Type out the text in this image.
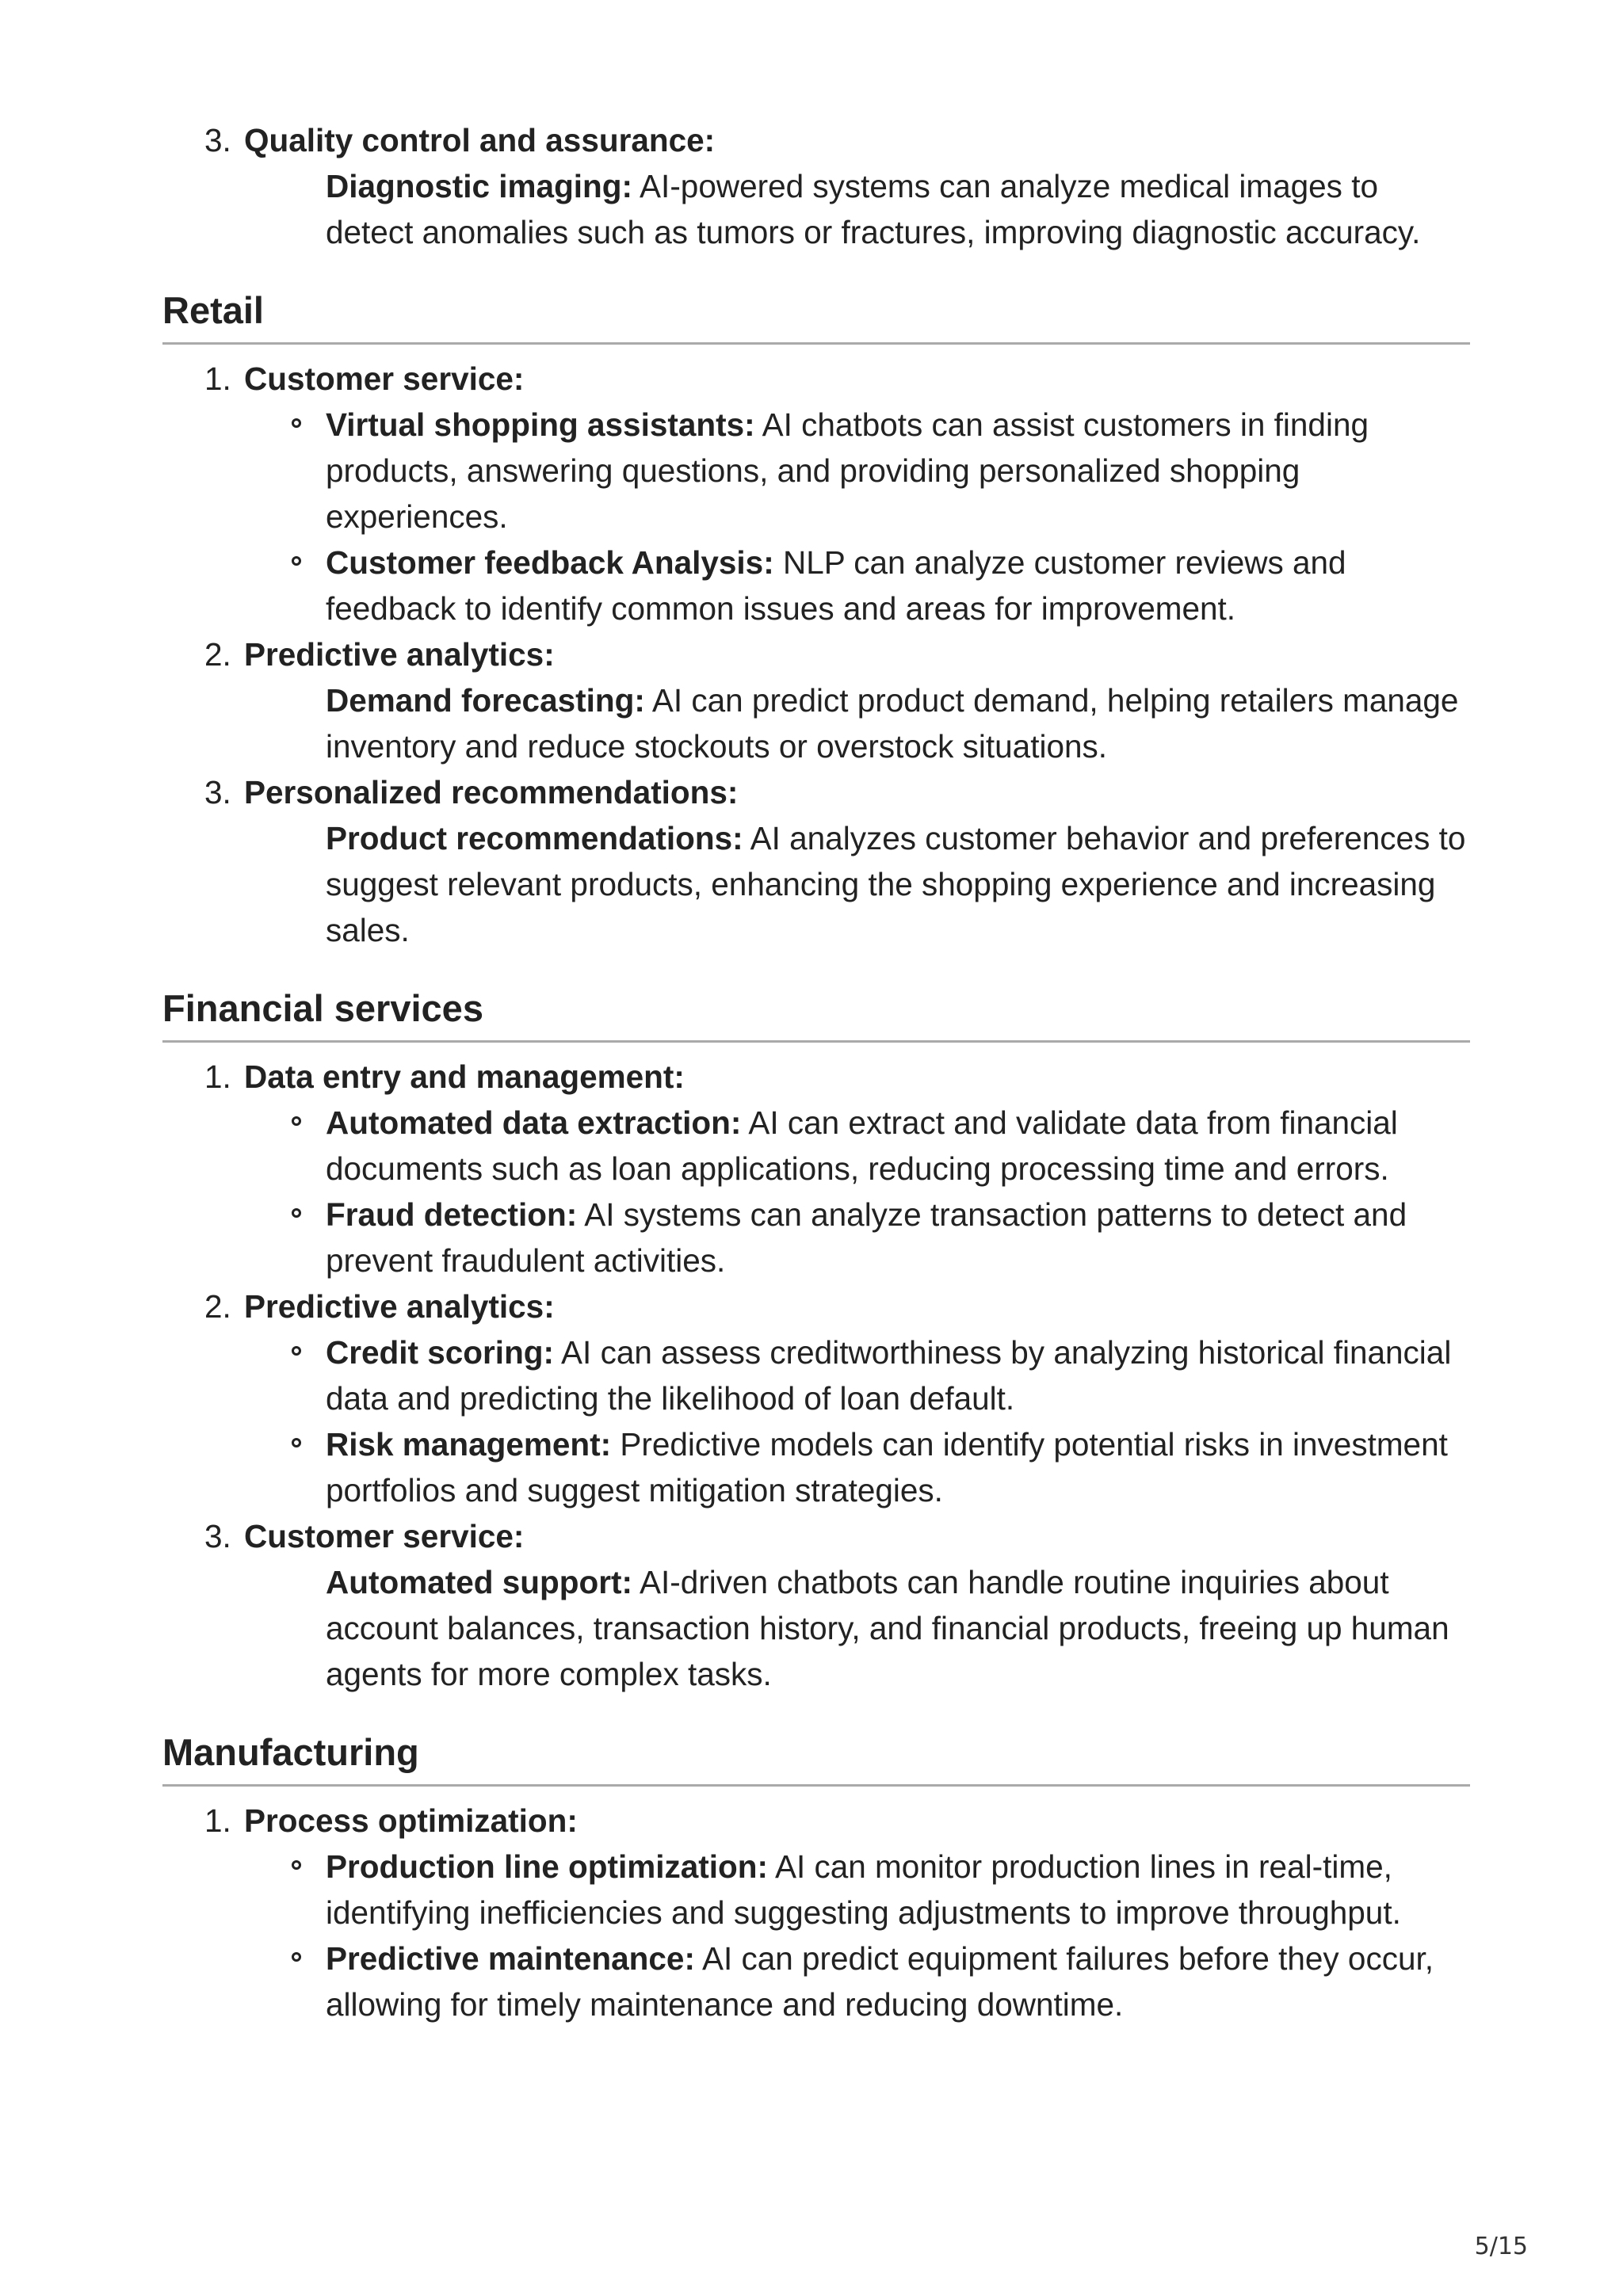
3. Quality control and assurance:
Diagnostic imaging: AI-powered systems can analyze medical images to detect anomalies such as tumors or fractures, improving diagnostic accuracy.
Retail
1. Customer service:
Virtual shopping assistants: AI chatbots can assist customers in finding products, answering questions, and providing personalized shopping experiences.
Customer feedback Analysis: NLP can analyze customer reviews and feedback to identify common issues and areas for improvement.
2. Predictive analytics:
Demand forecasting: AI can predict product demand, helping retailers manage inventory and reduce stockouts or overstock situations.
3. Personalized recommendations:
Product recommendations: AI analyzes customer behavior and preferences to suggest relevant products, enhancing the shopping experience and increasing sales.
Financial services
1. Data entry and management:
Automated data extraction: AI can extract and validate data from financial documents such as loan applications, reducing processing time and errors.
Fraud detection: AI systems can analyze transaction patterns to detect and prevent fraudulent activities.
2. Predictive analytics:
Credit scoring: AI can assess creditworthiness by analyzing historical financial data and predicting the likelihood of loan default.
Risk management: Predictive models can identify potential risks in investment portfolios and suggest mitigation strategies.
3. Customer service:
Automated support: AI-driven chatbots can handle routine inquiries about account balances, transaction history, and financial products, freeing up human agents for more complex tasks.
Manufacturing
1. Process optimization:
Production line optimization: AI can monitor production lines in real-time, identifying inefficiencies and suggesting adjustments to improve throughput.
Predictive maintenance: AI can predict equipment failures before they occur, allowing for timely maintenance and reducing downtime.
5/15
